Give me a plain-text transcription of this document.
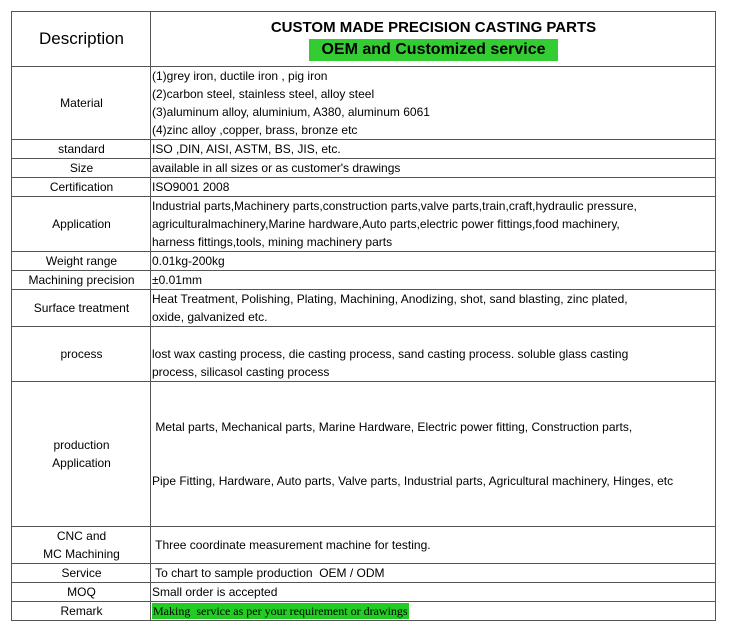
Description	CUSTOM MADE PRECISION CASTING PARTS
OEM and Customized service
Material	(1)grey iron, ductile iron , pig iron
(2)carbon steel, stainless steel, alloy steel
(3)aluminum alloy, aluminium, A380, aluminum 6061
(4)zinc alloy ,copper, brass, bronze etc

standard	ISO ,DIN, AISI, ASTM, BS, JIS, etc.
Size	available in all sizes or as customer's drawings
Certification	ISO9001 2008
Application	Industrial parts,Machinery parts,construction parts,valve parts,train,craft,hydraulic pressure,
agriculturalmachinery,Marine hardware,Auto parts,electric power fittings,food machinery,
harness fittings,tools, mining machinery parts

Weight range	0.01kg-200kg
Machining precision	±0.01mm
Surface treatment	Heat Treatment, Polishing, Plating, Machining, Anodizing, shot, sand blasting, zinc plated,
oxide, galvanized etc.

process	lost wax casting process, die casting process, sand casting process. soluble glass casting
process, silicasol casting process

production
Application	Metal parts, Mechanical parts, Marine Hardware, Electric power fitting, Construction parts,

Pipe Fitting, Hardware, Auto parts, Valve parts, Industrial parts, Agricultural machinery, Hinges, etc

CNC and
MC Machining	Three coordinate measurement machine for testing.
Service	To chart to sample production  OEM / ODM
MOQ	Small order is accepted
Remark	Making  service as per your requirement or drawings
